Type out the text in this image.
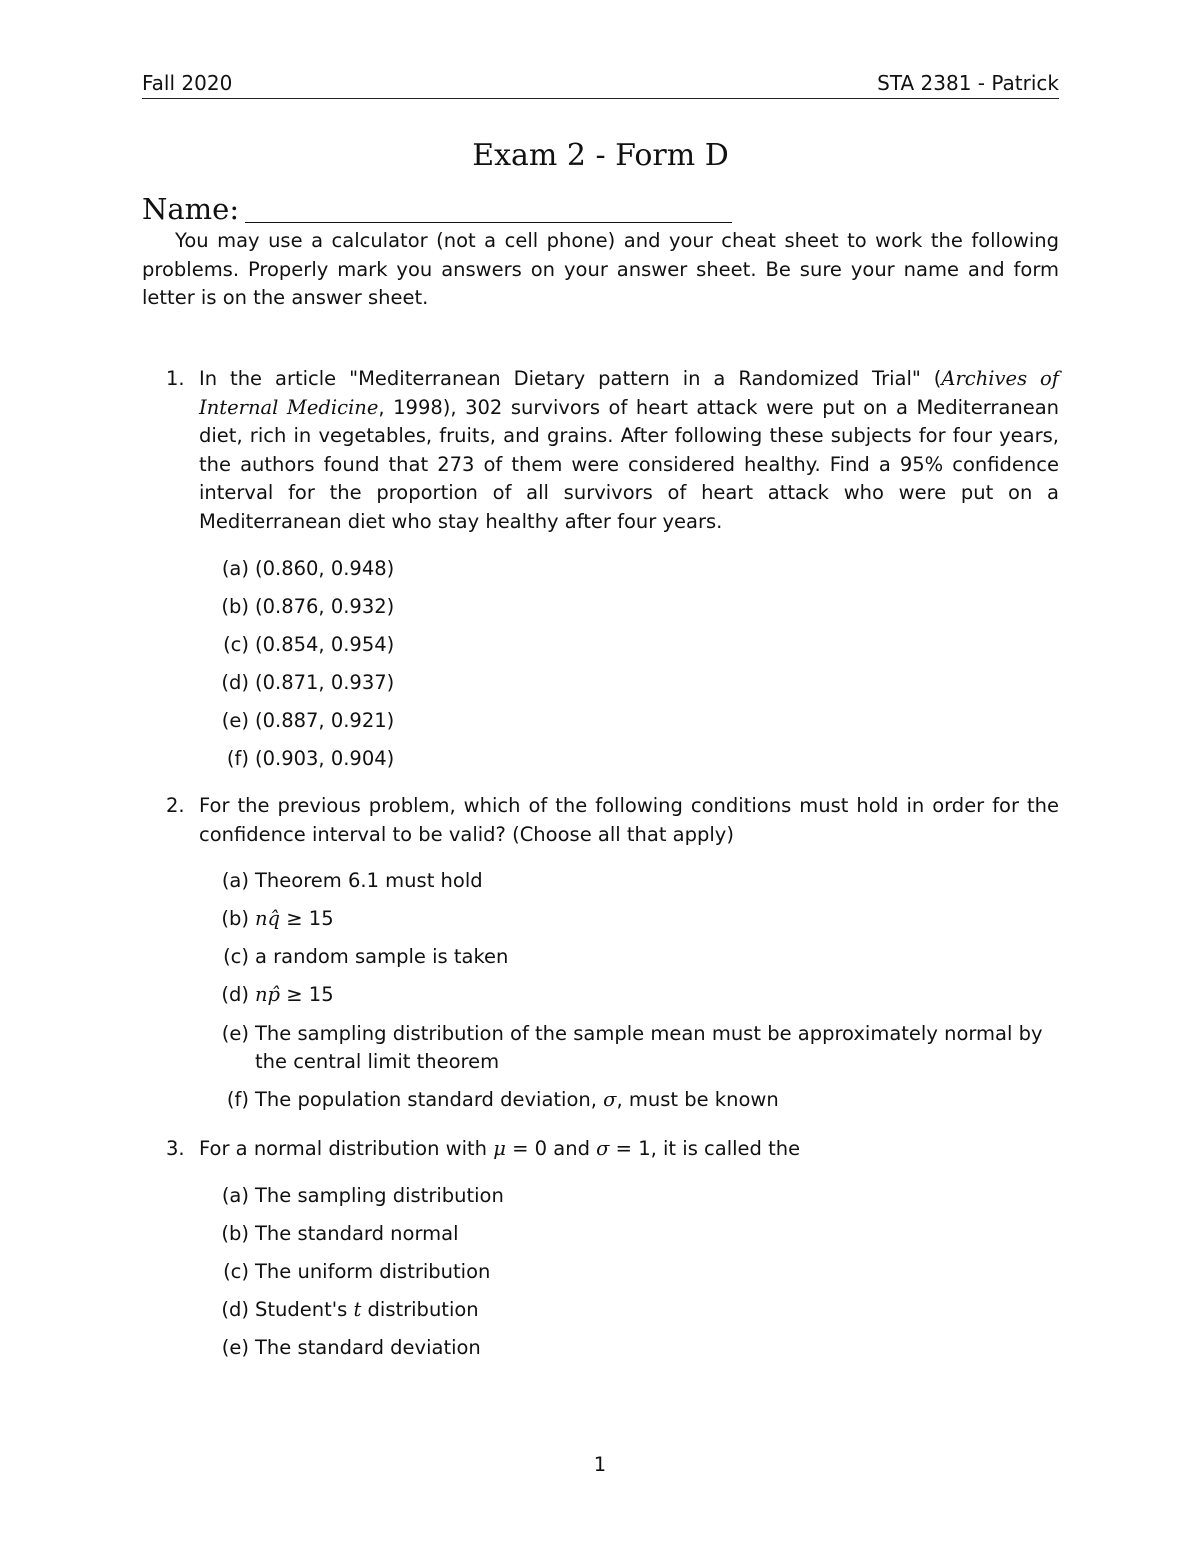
Fall 2020	STA 2381 - Patrick
Exam 2 - Form D
Name:
You may use a calculator (not a cell phone) and your cheat sheet to work the following problems. Properly mark you answers on your answer sheet. Be sure your name and form letter is on the answer sheet.
1. In the article "Mediterranean Dietary pattern in a Randomized Trial" (Archives of Internal Medicine, 1998), 302 survivors of heart attack were put on a Mediterranean diet, rich in vegetables, fruits, and grains. After following these subjects for four years, the authors found that 273 of them were considered healthy. Find a 95% confidence interval for the proportion of all survivors of heart attack who were put on a Mediterranean diet who stay healthy after four years.
(a) (0.860, 0.948)
(b) (0.876, 0.932)
(c) (0.854, 0.954)
(d) (0.871, 0.937)
(e) (0.887, 0.921)
(f) (0.903, 0.904)
2. For the previous problem, which of the following conditions must hold in order for the confidence interval to be valid? (Choose all that apply)
(a) Theorem 6.1 must hold
(b) nq̂ ≥ 15
(c) a random sample is taken
(d) np̂ ≥ 15
(e) The sampling distribution of the sample mean must be approximately normal by the central limit theorem
(f) The population standard deviation, σ, must be known
3. For a normal distribution with μ = 0 and σ = 1, it is called the
(a) The sampling distribution
(b) The standard normal
(c) The uniform distribution
(d) Student's t distribution
(e) The standard deviation
1
